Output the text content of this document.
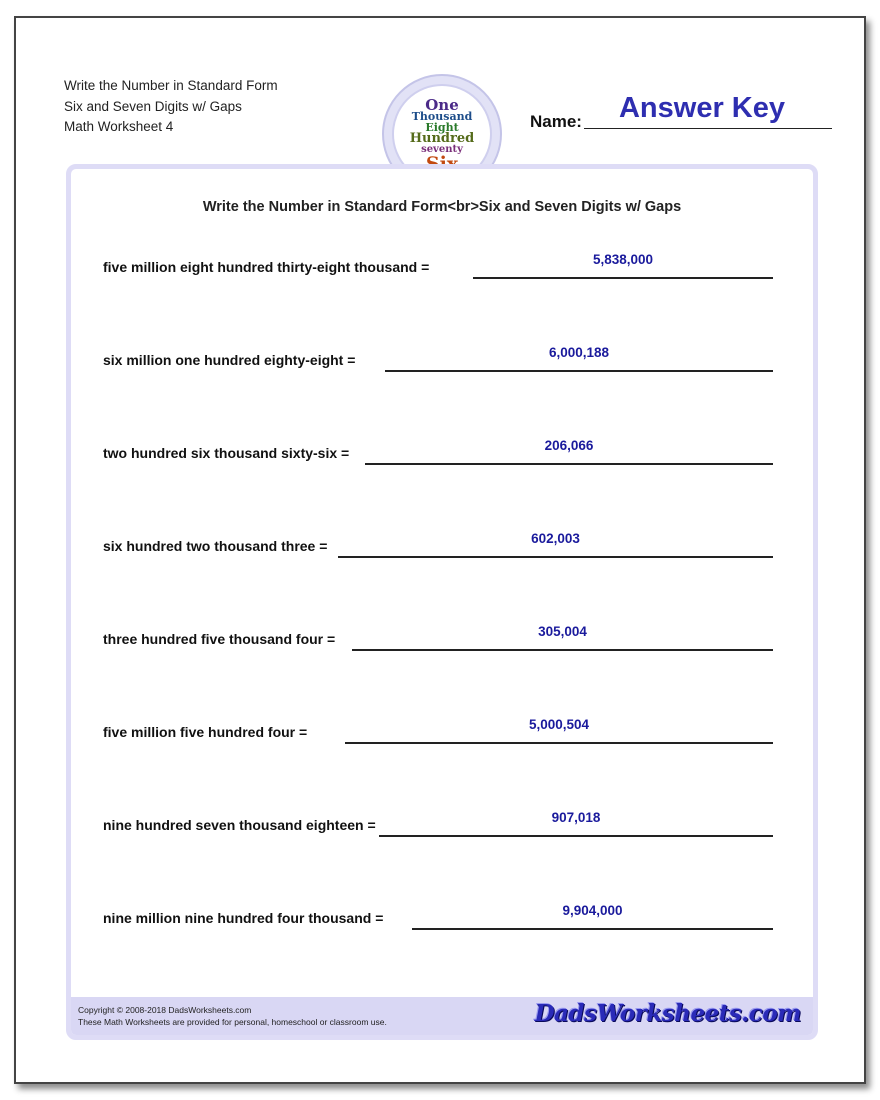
Write the Number in Standard Form
Six and Seven Digits w/ Gaps
Math Worksheet 4
One
Thousand
Eight
Hundred
seventy
Name:	Answer Key
Write the Number in Standard Form<br>Six and Seven Digits w/ Gaps
five million eight hundred thirty-eight thousand =	5,838,000
six million one hundred eighty-eight =	6,000,188
two hundred six thousand sixty-six =	206,066
six hundred two thousand three =	602,003
three hundred five thousand four =	305,004
five million five hundred four =	5,000,504
nine hundred seven thousand eighteen =	907,018
nine million nine hundred four thousand =	9,904,000
Copyright © 2008-2018 DadsWorksheets.com
These Math Worksheets are provided for personal, homeschool or classroom use.	DadsWorksheets.com
